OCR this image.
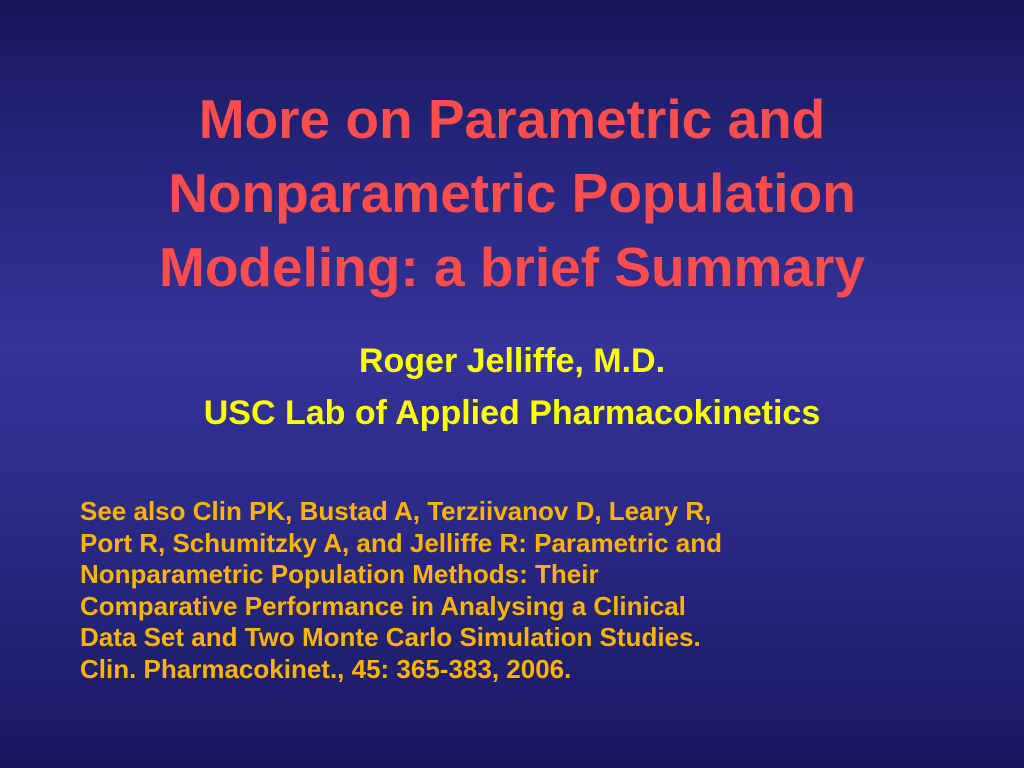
More on Parametric and
Nonparametric Population
Modeling: a brief Summary
Roger Jelliffe, M.D.
USC Lab of Applied Pharmacokinetics
See also Clin PK, Bustad A, Terziivanov D, Leary R,
Port R, Schumitzky A, and Jelliffe R: Parametric and
Nonparametric Population Methods: Their
Comparative Performance in Analysing a Clinical
Data Set and Two Monte Carlo Simulation Studies.
Clin. Pharmacokinet., 45: 365-383, 2006.
